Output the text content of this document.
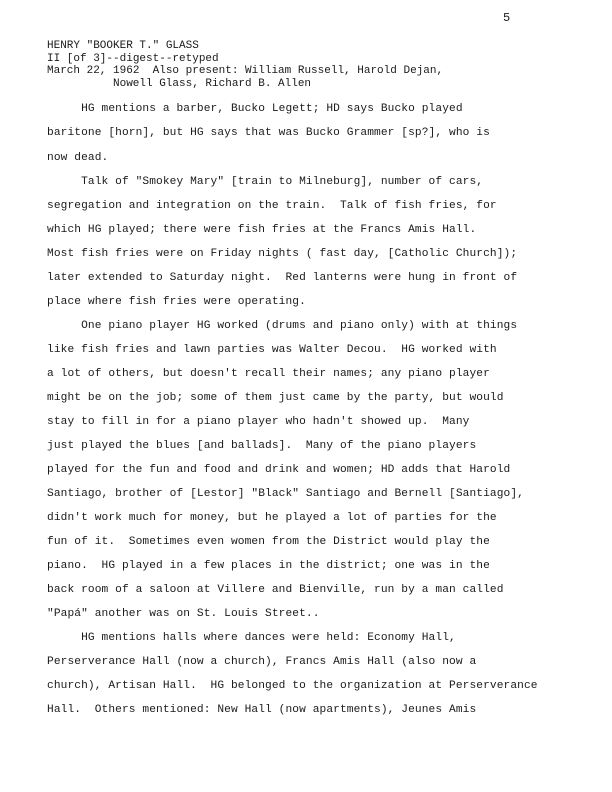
5
HENRY "BOOKER T." GLASS
II [of 3]--digest--retyped
March 22, 1962 Also present: William Russell, Harold Dejan,
Nowell Glass, Richard B. Allen
HG mentions a barber, Bucko Legett; HD says Bucko played
baritone [horn], but HG says that was Bucko Grammer [sp?], who is
now dead.
Talk of "Smokey Mary" [train to Milneburg], number of cars,
segregation and integration on the train.  Talk of fish fries, for
which HG played; there were fish fries at the Francs Amis Hall.
Most fish fries were on Friday nights ( fast day, [Catholic Church]);
later extended to Saturday night.  Red lanterns were hung in front of
place where fish fries were operating.
One piano player HG worked (drums and piano only) with at things
like fish fries and lawn parties was Walter Decou.  HG worked with
a lot of others, but doesn't recall their names; any piano player
might be on the job; some of them just came by the party, but would
stay to fill in for a piano player who hadn't showed up.  Many
just played the blues [and ballads].  Many of the piano players
played for the fun and food and drink and women; HD adds that Harold
Santiago, brother of [Lestor] "Black" Santiago and Bernell [Santiago],
didn't work much for money, but he played a lot of parties for the
fun of it.  Sometimes even women from the District would play the
piano.  HG played in a few places in the district; one was in the
back room of a saloon at Villere and Bienville, run by a man called
"Papá" another was on St. Louis Street..
HG mentions halls where dances were held: Economy Hall,
Perserverance Hall (now a church), Francs Amis Hall (also now a
church), Artisan Hall.  HG belonged to the organization at Perserverance
Hall.  Others mentioned: New Hall (now apartments), Jeunes Amis
